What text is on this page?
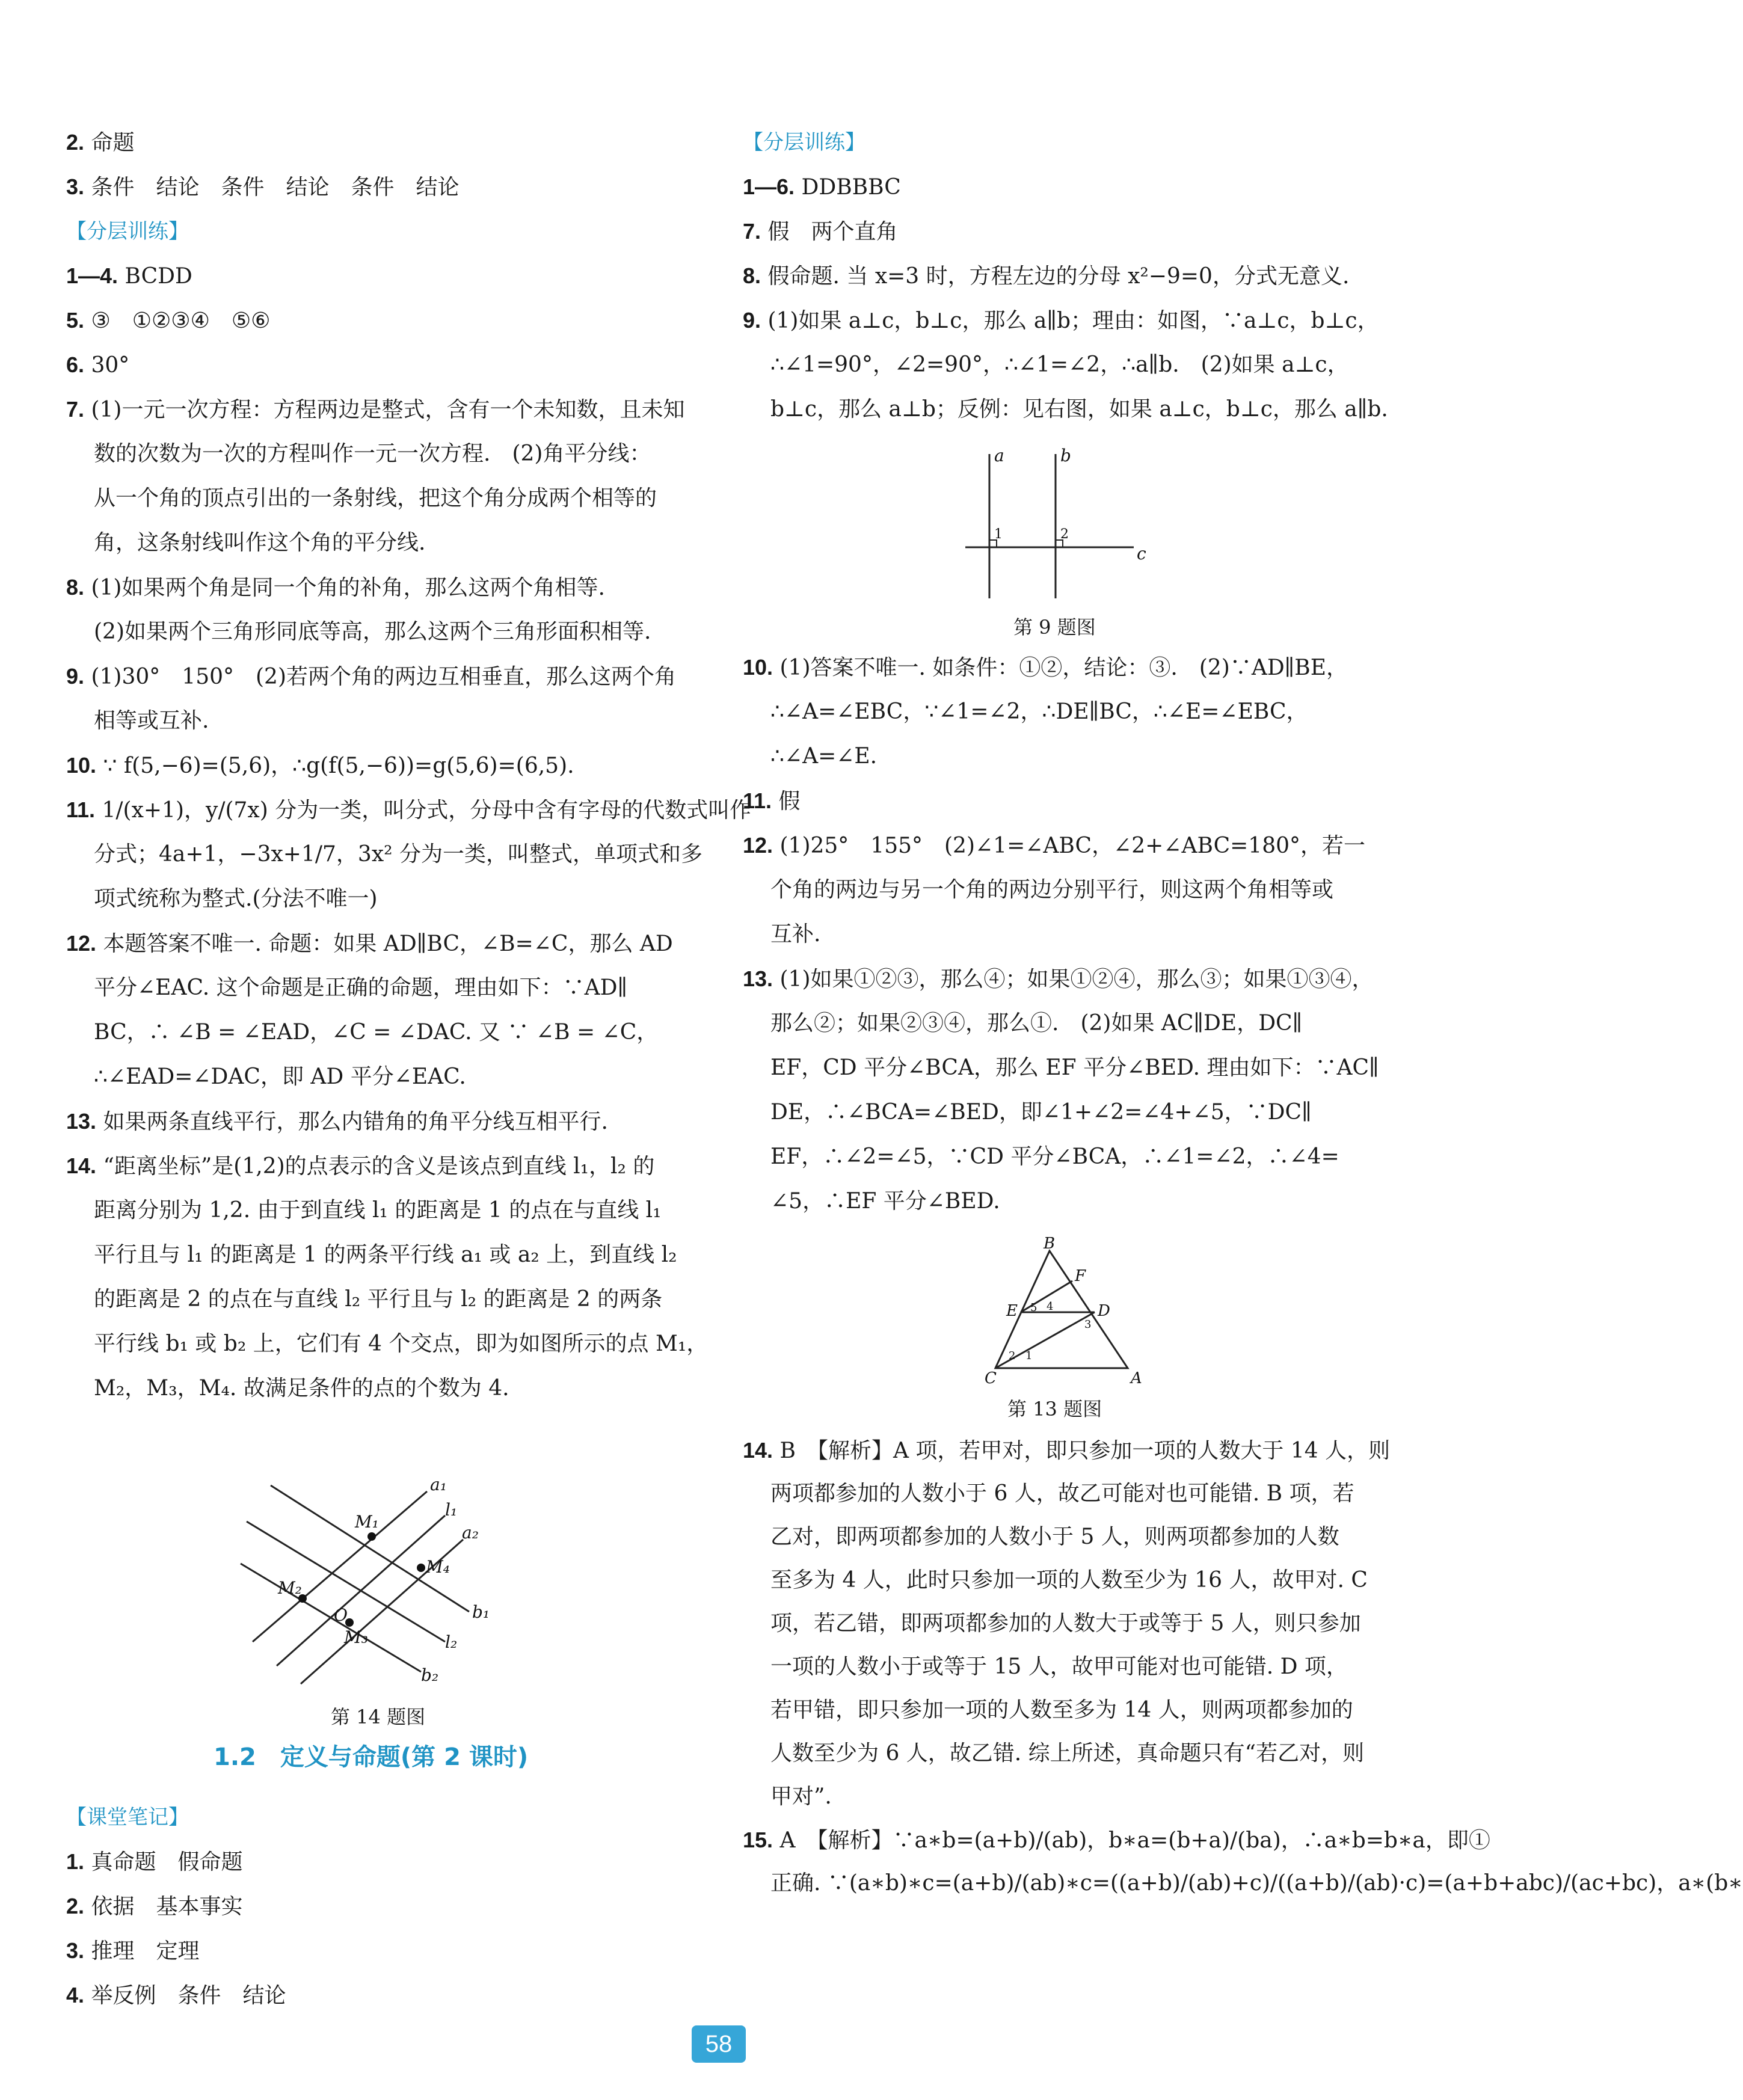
2. 命题
3. 条件　结论　条件　结论　条件　结论
【分层训练】
1—4. BCDD
5. ③　①②③④　⑤⑥
6. 30°
7. (1)一元一次方程：方程两边是整式，含有一个未知数，且未知
数的次数为一次的方程叫作一元一次方程.　(2)角平分线：
从一个角的顶点引出的一条射线，把这个角分成两个相等的
角，这条射线叫作这个角的平分线.
8. (1)如果两个角是同一个角的补角，那么这两个角相等.
(2)如果两个三角形同底等高，那么这两个三角形面积相等.
9. (1)30°　150°　(2)若两个角的两边互相垂直，那么这两个角
相等或互补.
10. ∵ f(5,−6)=(5,6)，∴g(f(5,−6))=g(5,6)=(6,5).
11. 1/(x+1)，y/(7x) 分为一类，叫分式，分母中含有字母的代数式叫作
分式；4a+1，−3x+1/7，3x² 分为一类，叫整式，单项式和多
项式统称为整式.(分法不唯一)
12. 本题答案不唯一. 命题：如果 AD∥BC，∠B=∠C，那么 AD
平分∠EAC. 这个命题是正确的命题，理由如下：∵AD∥
BC，∴ ∠B = ∠EAD，∠C = ∠DAC. 又 ∵ ∠B = ∠C，
∴∠EAD=∠DAC，即 AD 平分∠EAC.
13. 如果两条直线平行，那么内错角的角平分线互相平行.
14. “距离坐标”是(1,2)的点表示的含义是该点到直线 l₁，l₂ 的
距离分别为 1,2. 由于到直线 l₁ 的距离是 1 的点在与直线 l₁
平行且与 l₁ 的距离是 1 的两条平行线 a₁ 或 a₂ 上，到直线 l₂
的距离是 2 的点在与直线 l₂ 平行且与 l₂ 的距离是 2 的两条
平行线 b₁ 或 b₂ 上，它们有 4 个交点，即为如图所示的点 M₁，
M₂，M₃，M₄. 故满足条件的点的个数为 4.
a₁
l₁
a₂
b₁
l₂
b₂
M₁
M₂
M₃
M₄
O
第 14 题图
1.2　定义与命题(第 2 课时)
【课堂笔记】
1. 真命题　假命题
2. 依据　基本事实
3. 推理　定理
4. 举反例　条件　结论
【分层训练】
1—6. DDBBBC
7. 假　两个直角
8. 假命题. 当 x=3 时，方程左边的分母 x²−9=0，分式无意义.
9. (1)如果 a⊥c，b⊥c，那么 a∥b；理由：如图，∵a⊥c，b⊥c，
∴∠1=90°，∠2=90°，∴∠1=∠2，∴a∥b.　(2)如果 a⊥c，
b⊥c，那么 a⊥b；反例：见右图，如果 a⊥c，b⊥c，那么 a∥b.
a	b
c
1	2
第 9 题图
10. (1)答案不唯一. 如条件：①②，结论：③.　(2)∵AD∥BE，
∴∠A=∠EBC，∵∠1=∠2，∴DE∥BC，∴∠E=∠EBC，
∴∠A=∠E.
11. 假
12. (1)25°　155°　(2)∠1=∠ABC，∠2+∠ABC=180°，若一
个角的两边与另一个角的两边分别平行，则这两个角相等或
互补.
13. (1)如果①②③，那么④；如果①②④，那么③；如果①③④，
那么②；如果②③④，那么①.　(2)如果 AC∥DE，DC∥
EF，CD 平分∠BCA，那么 EF 平分∠BED. 理由如下：∵AC∥
DE，∴∠BCA=∠BED，即∠1+∠2=∠4+∠5，∵DC∥
EF，∴∠2=∠5，∵CD 平分∠BCA，∴∠1=∠2，∴∠4=
∠5，∴EF 平分∠BED.
B
F
E	D
C	A
1
2
3
4
5
第 13 题图
14. B　【解析】A 项，若甲对，即只参加一项的人数大于 14 人，则
两项都参加的人数小于 6 人，故乙可能对也可能错. B 项，若
乙对，即两项都参加的人数小于 5 人，则两项都参加的人数
至多为 4 人，此时只参加一项的人数至少为 16 人，故甲对. C
项，若乙错，即两项都参加的人数大于或等于 5 人，则只参加
一项的人数小于或等于 15 人，故甲可能对也可能错. D 项，
若甲错，即只参加一项的人数至多为 14 人，则两项都参加的
人数至少为 6 人，故乙错. 综上所述，真命题只有“若乙对，则
甲对”.
15. A　【解析】∵a∗b=(a+b)/(ab)，b∗a=(b+a)/(ba)，∴a∗b=b∗a，即①
正确. ∵(a∗b)∗c=(a+b)/(ab)∗c=((a+b)/(ab)+c)/((a+b)/(ab)·c)=(a+b+abc)/(ac+bc)，a∗(b∗
58
